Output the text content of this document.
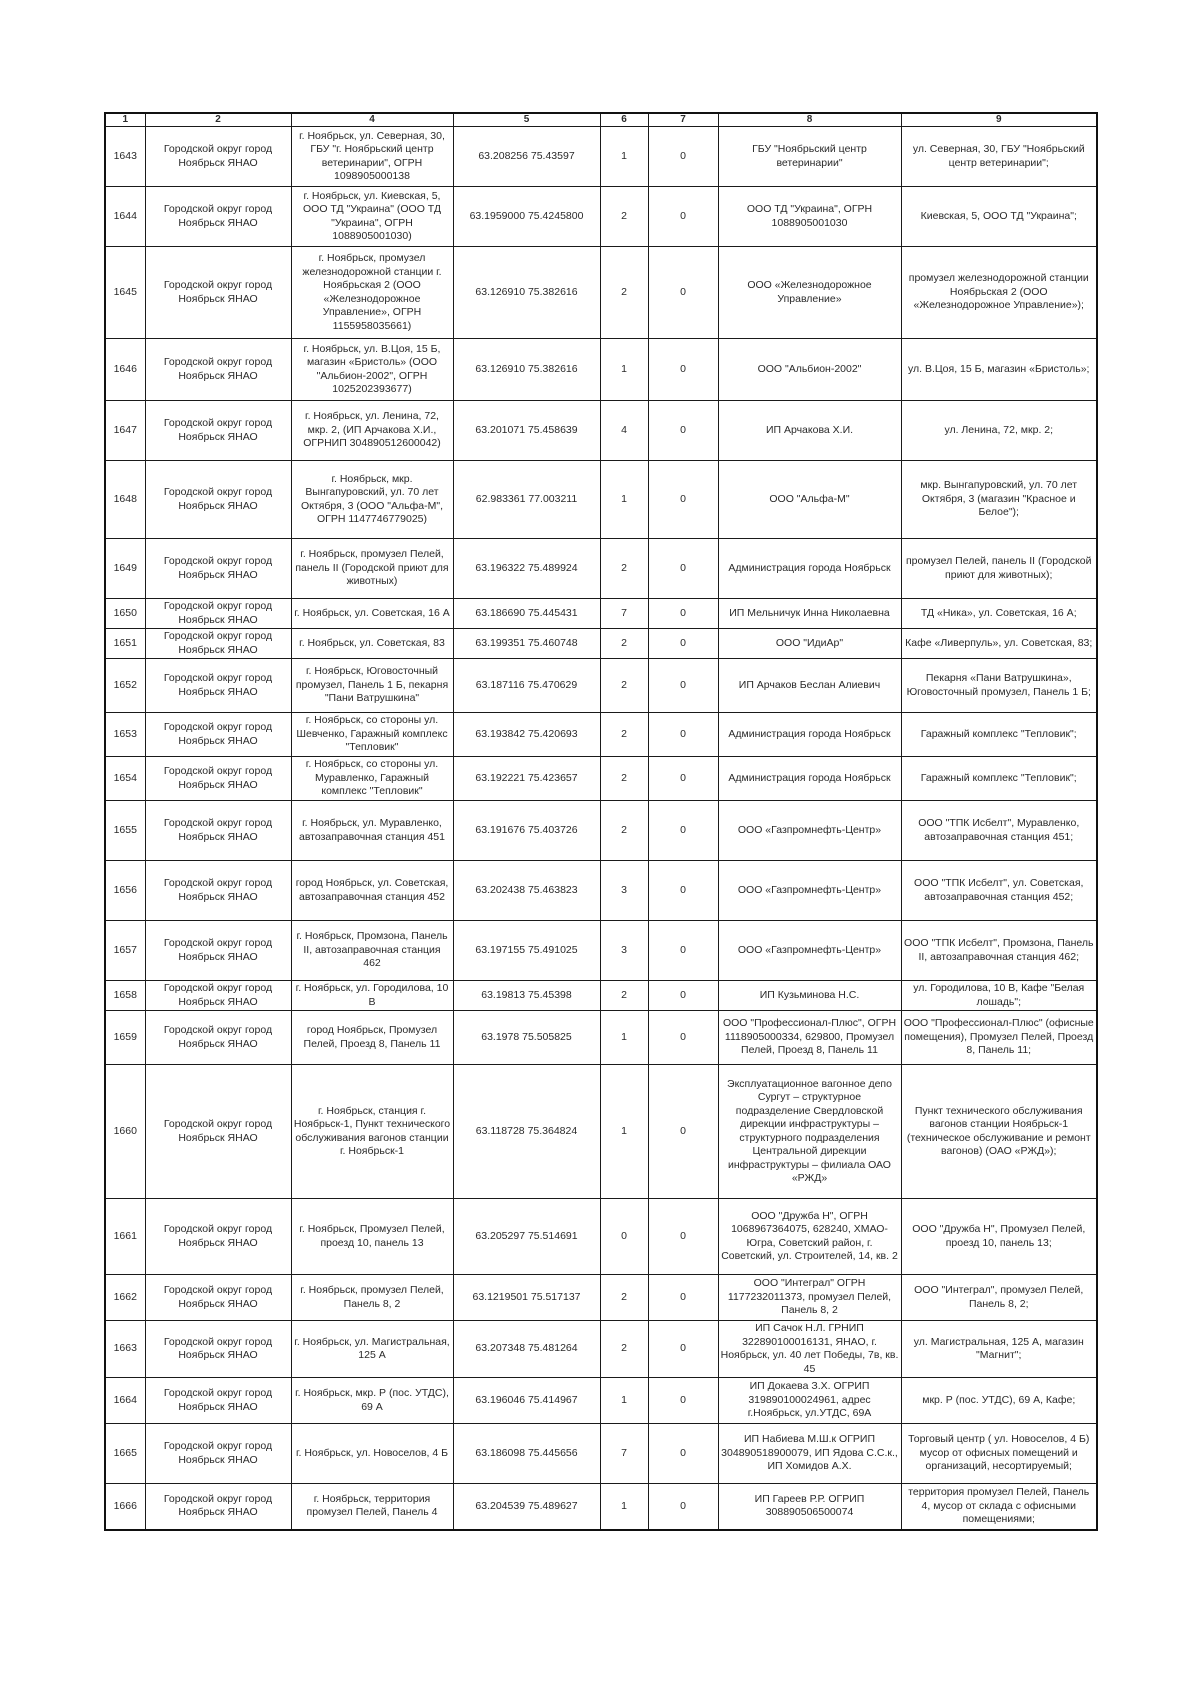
1	2	4	5	6	7	8	9
1643	Городской округ город Ноябрьск ЯНАО	г. Ноябрьск, ул. Северная, 30, ГБУ "г. Ноябрьский центр ветеринарии", ОГРН 1098905000138	63.208256 75.43597	1	0	ГБУ "Ноябрьский центр ветеринарии"	ул. Северная, 30, ГБУ "Ноябрьский центр ветеринарии";
1644	Городской округ город Ноябрьск ЯНАО	г. Ноябрьск, ул. Киевская, 5, ООО ТД "Украина" (ООО ТД "Украина", ОГРН 1088905001030)	63.1959000 75.4245800	2	0	ООО ТД "Украина", ОГРН 1088905001030	Киевская, 5, ООО ТД "Украина";
1645	Городской округ город Ноябрьск ЯНАО	г. Ноябрьск, промузел железнодорожной станции г. Ноябрьская 2 (ООО «Железнодорожное Управление», ОГРН 1155958035661)	63.126910 75.382616	2	0	ООО «Железнодорожное Управление»	промузел железнодорожной станции Ноябрьская 2 (ООО «Железнодорожное Управление»);
1646	Городской округ город Ноябрьск ЯНАО	г. Ноябрьск, ул. В.Цоя, 15 Б, магазин «Бристоль» (ООО "Альбион-2002", ОГРН 1025202393677)	63.126910 75.382616	1	0	ООО "Альбион-2002"	ул. В.Цоя, 15 Б, магазин «Бристоль»;
1647	Городской округ город Ноябрьск ЯНАО	г. Ноябрьск, ул. Ленина, 72, мкр. 2, (ИП Арчакова Х.И., ОГРНИП 304890512600042)	63.201071 75.458639	4	0	ИП Арчакова Х.И.	ул. Ленина, 72, мкр. 2;
1648	Городской округ город Ноябрьск ЯНАО	г. Ноябрьск, мкр. Вынгапуровский, ул. 70 лет Октября, 3 (ООО "Альфа-М", ОГРН 1147746779025)	62.983361 77.003211	1	0	ООО "Альфа-М"	мкр. Вынгапуровский, ул. 70 лет Октября, 3 (магазин "Красное и Белое");
1649	Городской округ город Ноябрьск ЯНАО	г. Ноябрьск, промузел Пелей, панель II (Городской приют для животных)	63.196322 75.489924	2	0	Администрация города Ноябрьск	промузел Пелей, панель II (Городской приют для животных);
1650	Городской округ город Ноябрьск ЯНАО	г. Ноябрьск, ул. Советская, 16 А	63.186690 75.445431	7	0	ИП Мельничук Инна Николаевна	ТД «Ника», ул. Советская, 16 А;
1651	Городской округ город Ноябрьск ЯНАО	г. Ноябрьск, ул. Советская, 83	63.199351 75.460748	2	0	ООО "ИдиАр"	Кафе «Ливерпуль», ул. Советская, 83;
1652	Городской округ город Ноябрьск ЯНАО	г. Ноябрьск, Юговосточный промузел, Панель 1 Б, пекарня "Пани Ватрушкина"	63.187116 75.470629	2	0	ИП Арчаков Беслан Алиевич	Пекарня «Пани Ватрушкина», Юговосточный промузел, Панель 1 Б;
1653	Городской округ город Ноябрьск ЯНАО	г. Ноябрьск, со стороны ул. Шевченко, Гаражный комплекс "Тепловик"	63.193842 75.420693	2	0	Администрация города Ноябрьск	Гаражный комплекс "Тепловик";
1654	Городской округ город Ноябрьск ЯНАО	г. Ноябрьск, со стороны ул. Муравленко, Гаражный комплекс "Тепловик"	63.192221 75.423657	2	0	Администрация города Ноябрьск	Гаражный комплекс "Тепловик";
1655	Городской округ город Ноябрьск ЯНАО	г. Ноябрьск, ул. Муравленко, автозаправочная станция 451	63.191676 75.403726	2	0	ООО «Газпромнефть-Центр»	ООО "ТПК Исбелт", Муравленко, автозаправочная станция 451;
1656	Городской округ город Ноябрьск ЯНАО	город Ноябрьск, ул. Советская, автозаправочная станция 452	63.202438 75.463823	3	0	ООО «Газпромнефть-Центр»	ООО "ТПК Исбелт", ул. Советская, автозаправочная станция 452;
1657	Городской округ город Ноябрьск ЯНАО	г. Ноябрьск, Промзона, Панель II, автозаправочная станция 462	63.197155 75.491025	3	0	ООО «Газпромнефть-Центр»	ООО "ТПК Исбелт", Промзона, Панель II, автозаправочная станция 462;
1658	Городской округ город Ноябрьск ЯНАО	г. Ноябрьск, ул. Городилова, 10 В	63.19813 75.45398	2	0	ИП Кузьминова Н.С.	ул. Городилова, 10 В, Кафе "Белая лошадь";
1659	Городской округ город Ноябрьск ЯНАО	город Ноябрьск, Промузел Пелей, Проезд 8, Панель 11	63.1978 75.505825	1	0	ООО "Профессионал-Плюс", ОГРН 1118905000334, 629800, Промузел Пелей, Проезд 8, Панель 11	ООО "Профессионал-Плюс" (офисные помещения), Промузел Пелей, Проезд 8, Панель 11;
1660	Городской округ город Ноябрьск ЯНАО	г. Ноябрьск, станция г. Ноябрьск-1, Пункт технического обслуживания вагонов станции г. Ноябрьск-1	63.118728 75.364824	1	0	Эксплуатационное вагонное депо Сургут – структурное подразделение Свердловской дирекции инфраструктуры – структурного подразделения Центральной дирекции инфраструктуры – филиала ОАО «РЖД»	Пункт технического обслуживания вагонов станции Ноябрьск-1 (техническое обслуживание и ремонт вагонов) (ОАО «РЖД»);
1661	Городской округ город Ноябрьск ЯНАО	г. Ноябрьск, Промузел Пелей, проезд 10, панель 13	63.205297 75.514691	0	0	ООО "Дружба Н", ОГРН 1068967364075, 628240, ХМАО-Югра, Советский район, г. Советский, ул. Строителей, 14, кв. 2	ООО "Дружба Н", Промузел Пелей, проезд 10, панель 13;
1662	Городской округ город Ноябрьск ЯНАО	г. Ноябрьск, промузел Пелей, Панель 8, 2	63.1219501 75.517137	2	0	ООО "Интеграл" ОГРН 1177232011373, промузел Пелей, Панель 8, 2	ООО "Интеграл", промузел Пелей, Панель 8, 2;
1663	Городской округ город Ноябрьск ЯНАО	г. Ноябрьск, ул. Магистральная, 125 А	63.207348 75.481264	2	0	ИП Сачок Н.Л. ГРНИП 322890100016131, ЯНАО, г. Ноябрьск, ул. 40 лет Победы, 7в, кв. 45	ул. Магистральная, 125 А, магазин "Магнит";
1664	Городской округ город Ноябрьск ЯНАО	г. Ноябрьск, мкр. Р (пос. УТДС), 69 А	63.196046 75.414967	1	0	ИП Докаева З.Х. ОГРИП 319890100024961, адрес г.Ноябрьск, ул.УТДС, 69А	мкр. Р (пос. УТДС), 69 А, Кафе;
1665	Городской округ город Ноябрьск ЯНАО	г. Ноябрьск, ул. Новоселов, 4 Б	63.186098 75.445656	7	0	ИП Набиева М.Ш.к ОГРИП 304890518900079, ИП Ядова С.С.к., ИП Хомидов А.Х.	Торговый центр ( ул. Новоселов, 4 Б) мусор от офисных помещений и организаций, несортируемый;
1666	Городской округ город Ноябрьск ЯНАО	г. Ноябрьск, территория промузел Пелей, Панель 4	63.204539 75.489627	1	0	ИП Гареев Р.Р. ОГРИП 308890506500074	территория промузел Пелей, Панель 4, мусор от склада с офисными помещениями;
